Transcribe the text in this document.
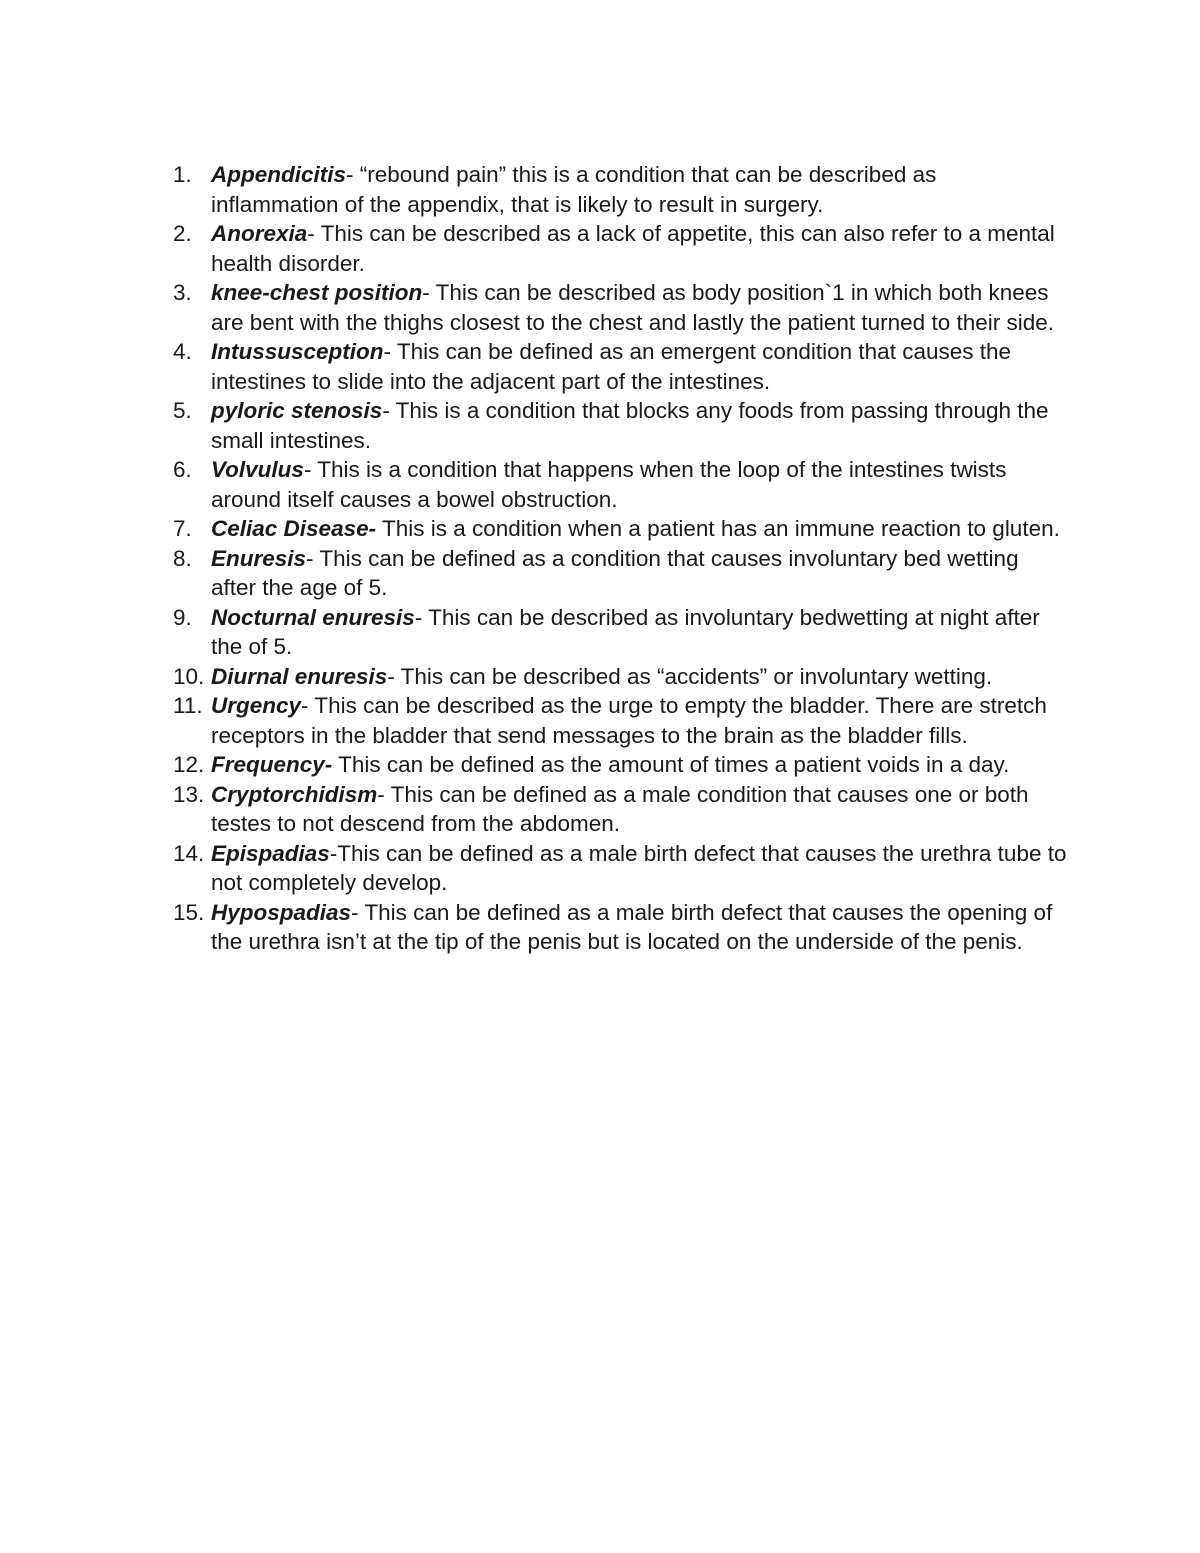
1. Appendicitis- “rebound pain” this is a condition that can be described as inflammation of the appendix, that is likely to result in surgery.
2. Anorexia- This can be described as a lack of appetite, this can also refer to a mental health disorder.
3. knee-chest position- This can be described as body position`1 in which both knees are bent with the thighs closest to the chest and lastly the patient turned to their side.
4. Intussusception- This can be defined as an emergent condition that causes the intestines to slide into the adjacent part of the intestines.
5. pyloric stenosis- This is a condition that blocks any foods from passing through the small intestines.
6. Volvulus- This is a condition that happens when the loop of the intestines twists around itself causes a bowel obstruction.
7. Celiac Disease- This is a condition when a patient has an immune reaction to gluten.
8. Enuresis- This can be defined as a condition that causes involuntary bed wetting after the age of 5.
9. Nocturnal enuresis- This can be described as involuntary bedwetting at night after the of 5.
10. Diurnal enuresis- This can be described as “accidents” or involuntary wetting.
11. Urgency- This can be described as the urge to empty the bladder. There are stretch receptors in the bladder that send messages to the brain as the bladder fills.
12. Frequency- This can be defined as the amount of times a patient voids in a day.
13. Cryptorchidism- This can be defined as a male condition that causes one or both testes to not descend from the abdomen.
14. Epispadias-This can be defined as a male birth defect that causes the urethra tube to not completely develop.
15. Hypospadias- This can be defined as a male birth defect that causes the opening of the urethra isn’t at the tip of the penis but is located on the underside of the penis.
